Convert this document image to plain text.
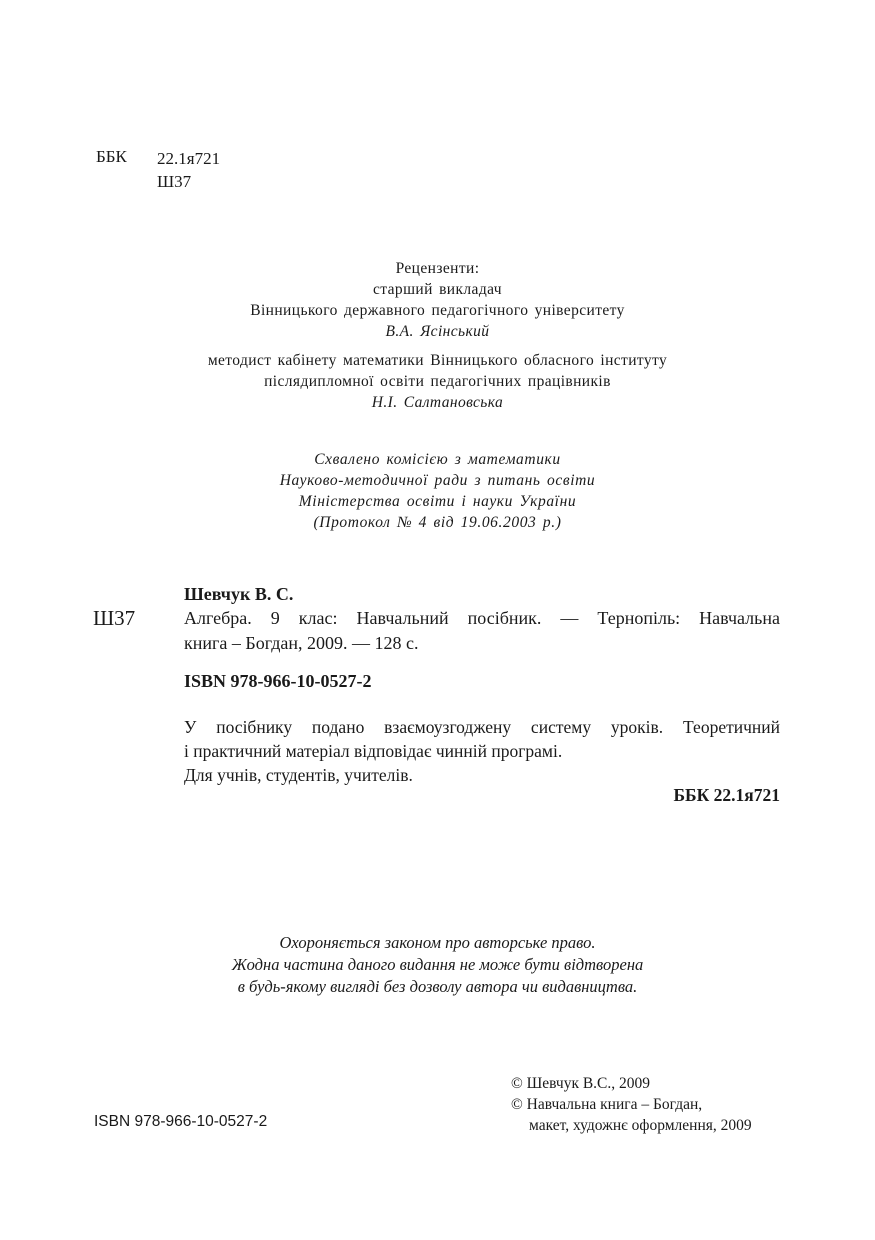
ББК 22.1я721
Ш37
Рецензенти:
старший викладач
Вінницького державного педагогічного університету
В.А. Ясінський
методист кабінету математики Вінницького обласного інституту
післядипломної освіти педагогічних працівників
Н.І. Салтановська
Схвалено комісією з математики
Науково-методичної ради з питань освіти
Міністерства освіти і науки України
(Протокол № 4 від 19.06.2003 р.)
Шевчук В. С.
Ш37	Алгебра. 9 клас: Навчальний посібник. — Тернопіль: Навчальна
книга – Богдан, 2009. — 128 с.
ISBN 978-966-10-0527-2
У посібнику подано взаємоузгоджену систему уроків. Теоретичний
і практичний матеріал відповідає чинній програмі.
Для учнів, студентів, учителів.
ББК 22.1я721
Охороняється законом про авторське право.
Жодна частина даного видання не може бути відтворена
в будь-якому вигляді без дозволу автора чи видавництва.
© Шевчук В.С., 2009
© Навчальна книга – Богдан,
макет, художнє оформлення, 2009
ISBN 978-966-10-0527-2
